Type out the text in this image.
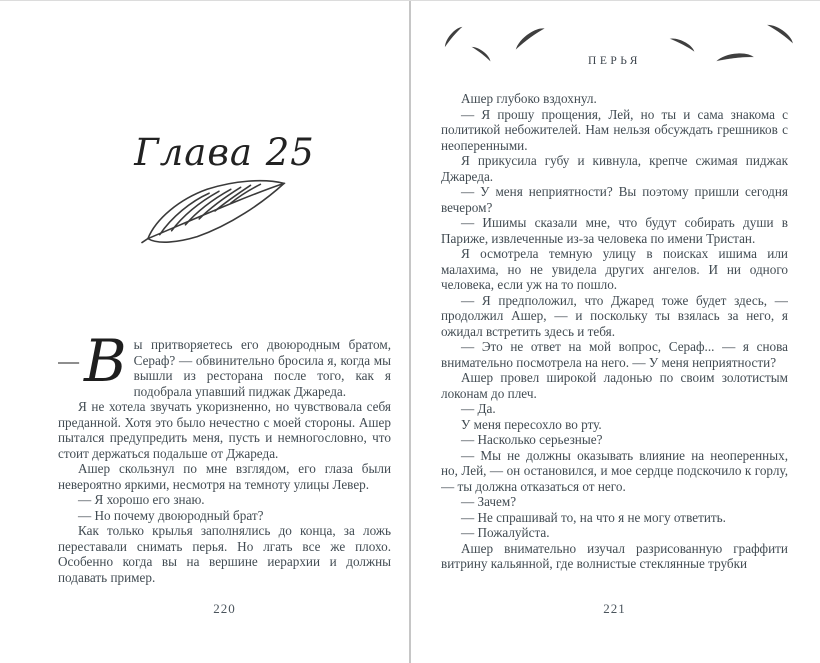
Глава 25

— В ы притворяетесь его двоюродным братом, Сераф? — обвинительно бросила я, когда мы вышли из ресторана после того, как я подобрала упавший пиджак Джареда.

Я не хотела звучать укоризненно, но чувствовала себя преданной. Хотя это было нечестно с моей стороны. Ашер пытался предупредить меня, пусть и немногословно, что стоит держаться подальше от Джареда.

Ашер скользнул по мне взглядом, его глаза были невероятно яркими, несмотря на темноту улицы Левер.

— Я хорошо его знаю.

— Но почему двоюродный брат?

Как только крылья заполнялись до конца, за ложь переставали снимать перья. Но лгать все же плохо. Особенно когда вы на вершине иерархии и должны подавать пример.

220
ПЕРЬЯ

Ашер глубоко вздохнул.

— Я прошу прощения, Лей, но ты и сама знакома с политикой небожителей. Нам нельзя обсуждать грешников с неоперенными.

Я прикусила губу и кивнула, крепче сжимая пиджак Джареда.

— У меня неприятности? Вы поэтому пришли сегодня вечером?

— Ишимы сказали мне, что будут собирать души в Париже, извлеченные из-за человека по имени Тристан.

Я осмотрела темную улицу в поисках ишима или малахима, но не увидела других ангелов. И ни одного человека, если уж на то пошло.

— Я предположил, что Джаред тоже будет здесь, — продолжил Ашер, — и поскольку ты взялась за него, я ожидал встретить здесь и тебя.

— Это не ответ на мой вопрос, Сераф... — я снова внимательно посмотрела на него. — У меня неприятности?

Ашер провел широкой ладонью по своим золотистым локонам до плеч.

— Да.

У меня пересохло во рту.

— Насколько серьезные?

— Мы не должны оказывать влияние на неоперенных, но, Лей, — он остановился, и мое сердце подскочило к горлу, — ты должна отказаться от него.

— Зачем?

— Не спрашивай то, на что я не могу ответить.

— Пожалуйста.

Ашер внимательно изучал разрисованную граффити витрину кальянной, где волнистые стеклянные трубки

221
